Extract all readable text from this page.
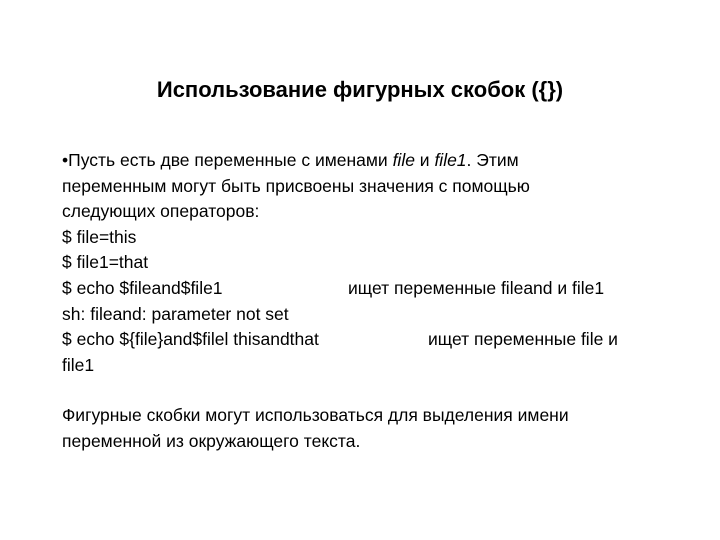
Использование фигурных скобок ({})
•Пусть есть две переменные с именами file и file1. Этим
переменным могут быть присвоены значения с помощью
следующих операторов:
$ file=this
$ file1=that
$ echo $fileand$file1	ищет переменные fileand и file1
sh: fileand: parameter not set
$ echo ${file}and$filel thisandthat	ищет переменные file и
file1
Фигурные скобки могут использоваться для выделения имени
переменной из окружающего текста.
